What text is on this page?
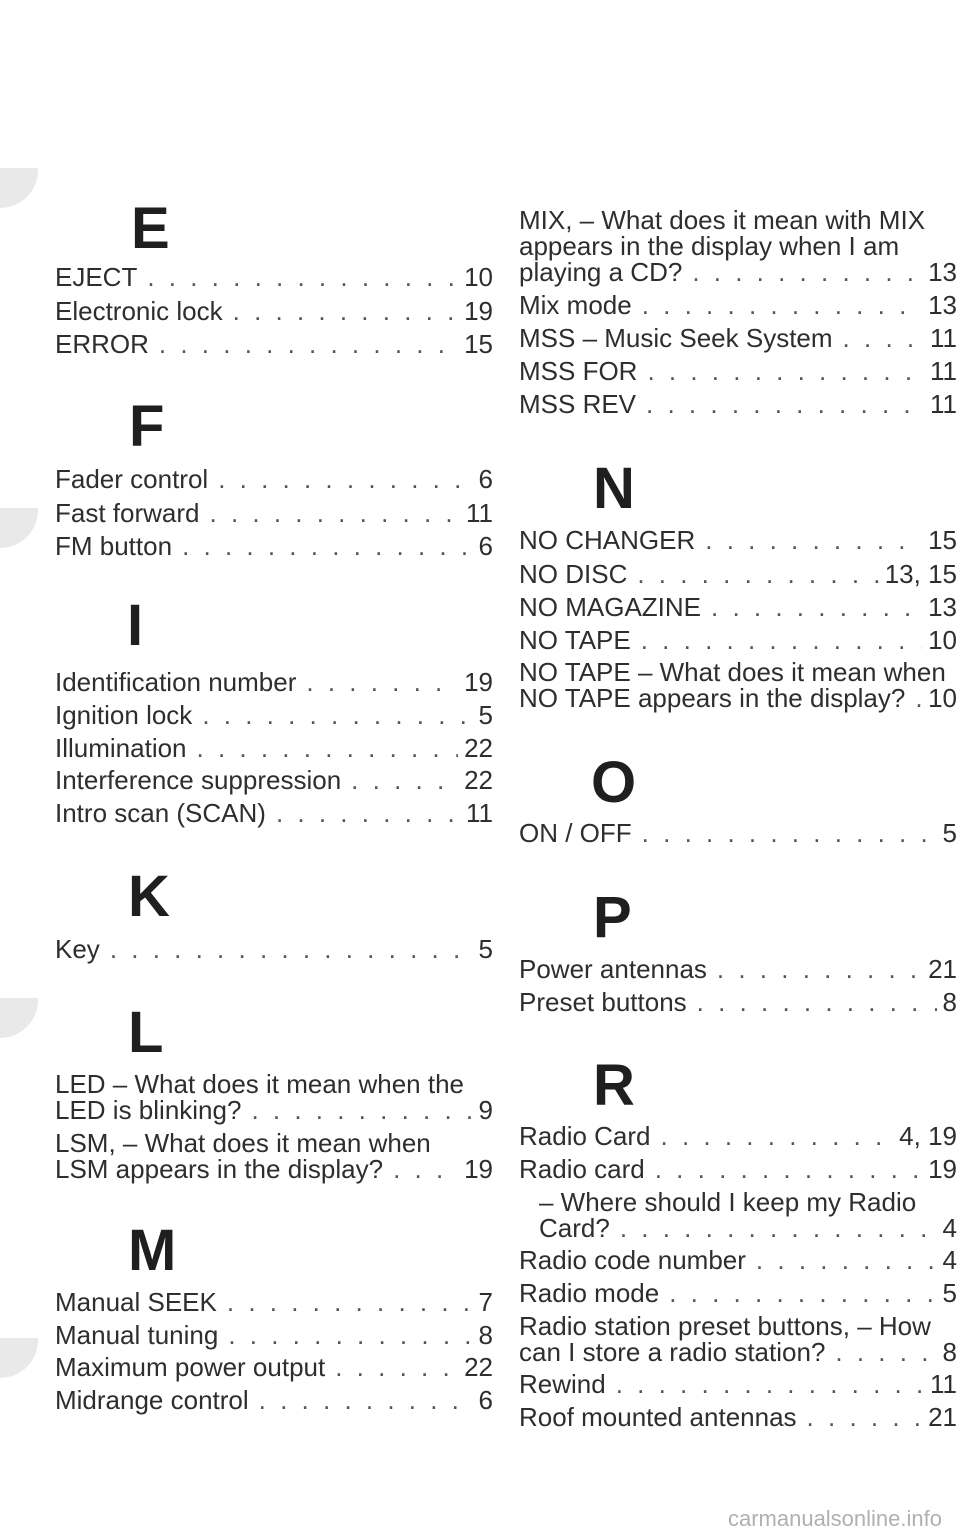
E
EJECT . . .	10
Electronic lock . . .	19
ERROR . . .	15
F
Fader control . . .	6
Fast forward . . .	11
FM button . . .	6
I
Identification number . . .	19
Ignition lock . . .	5
Illumination . . .	22
Interference suppression . . .	22
Intro scan (SCAN) . . .	11
K
Key . . .	5
L
LED – What does it mean when the
LED is blinking? . . .	9
LSM, – What does it mean when
LSM appears in the display? . . .	19
M
Manual SEEK . . .	7
Manual tuning . . .	8
Maximum power output . . .	22
Midrange control . . .	6
MIX, – What does it mean with MIX
appears in the display when I am
playing a CD? . . .	13
Mix mode . . .	13
MSS – Music Seek System . . .	11
MSS FOR . . .	11
MSS REV . . .	11
N
NO CHANGER . . .	15
NO DISC . . .	13, 15
NO MAGAZINE . . .	13
NO TAPE . . .	10
NO TAPE – What does it mean when
NO TAPE appears in the display? . . . 10
O
ON / OFF . . .	5
P
Power antennas . . .	21
Preset buttons . . .	8
R
Radio Card . . .	4, 19
Radio card . . .	19
– Where should I keep my Radio
Card? . . .	4
Radio code number . . .	4
Radio mode . . .	5
Radio station preset buttons, – How
can I store a radio station? . . .	8
Rewind . . .	11
Roof mounted antennas . . .	21
carmanualsonline.info
